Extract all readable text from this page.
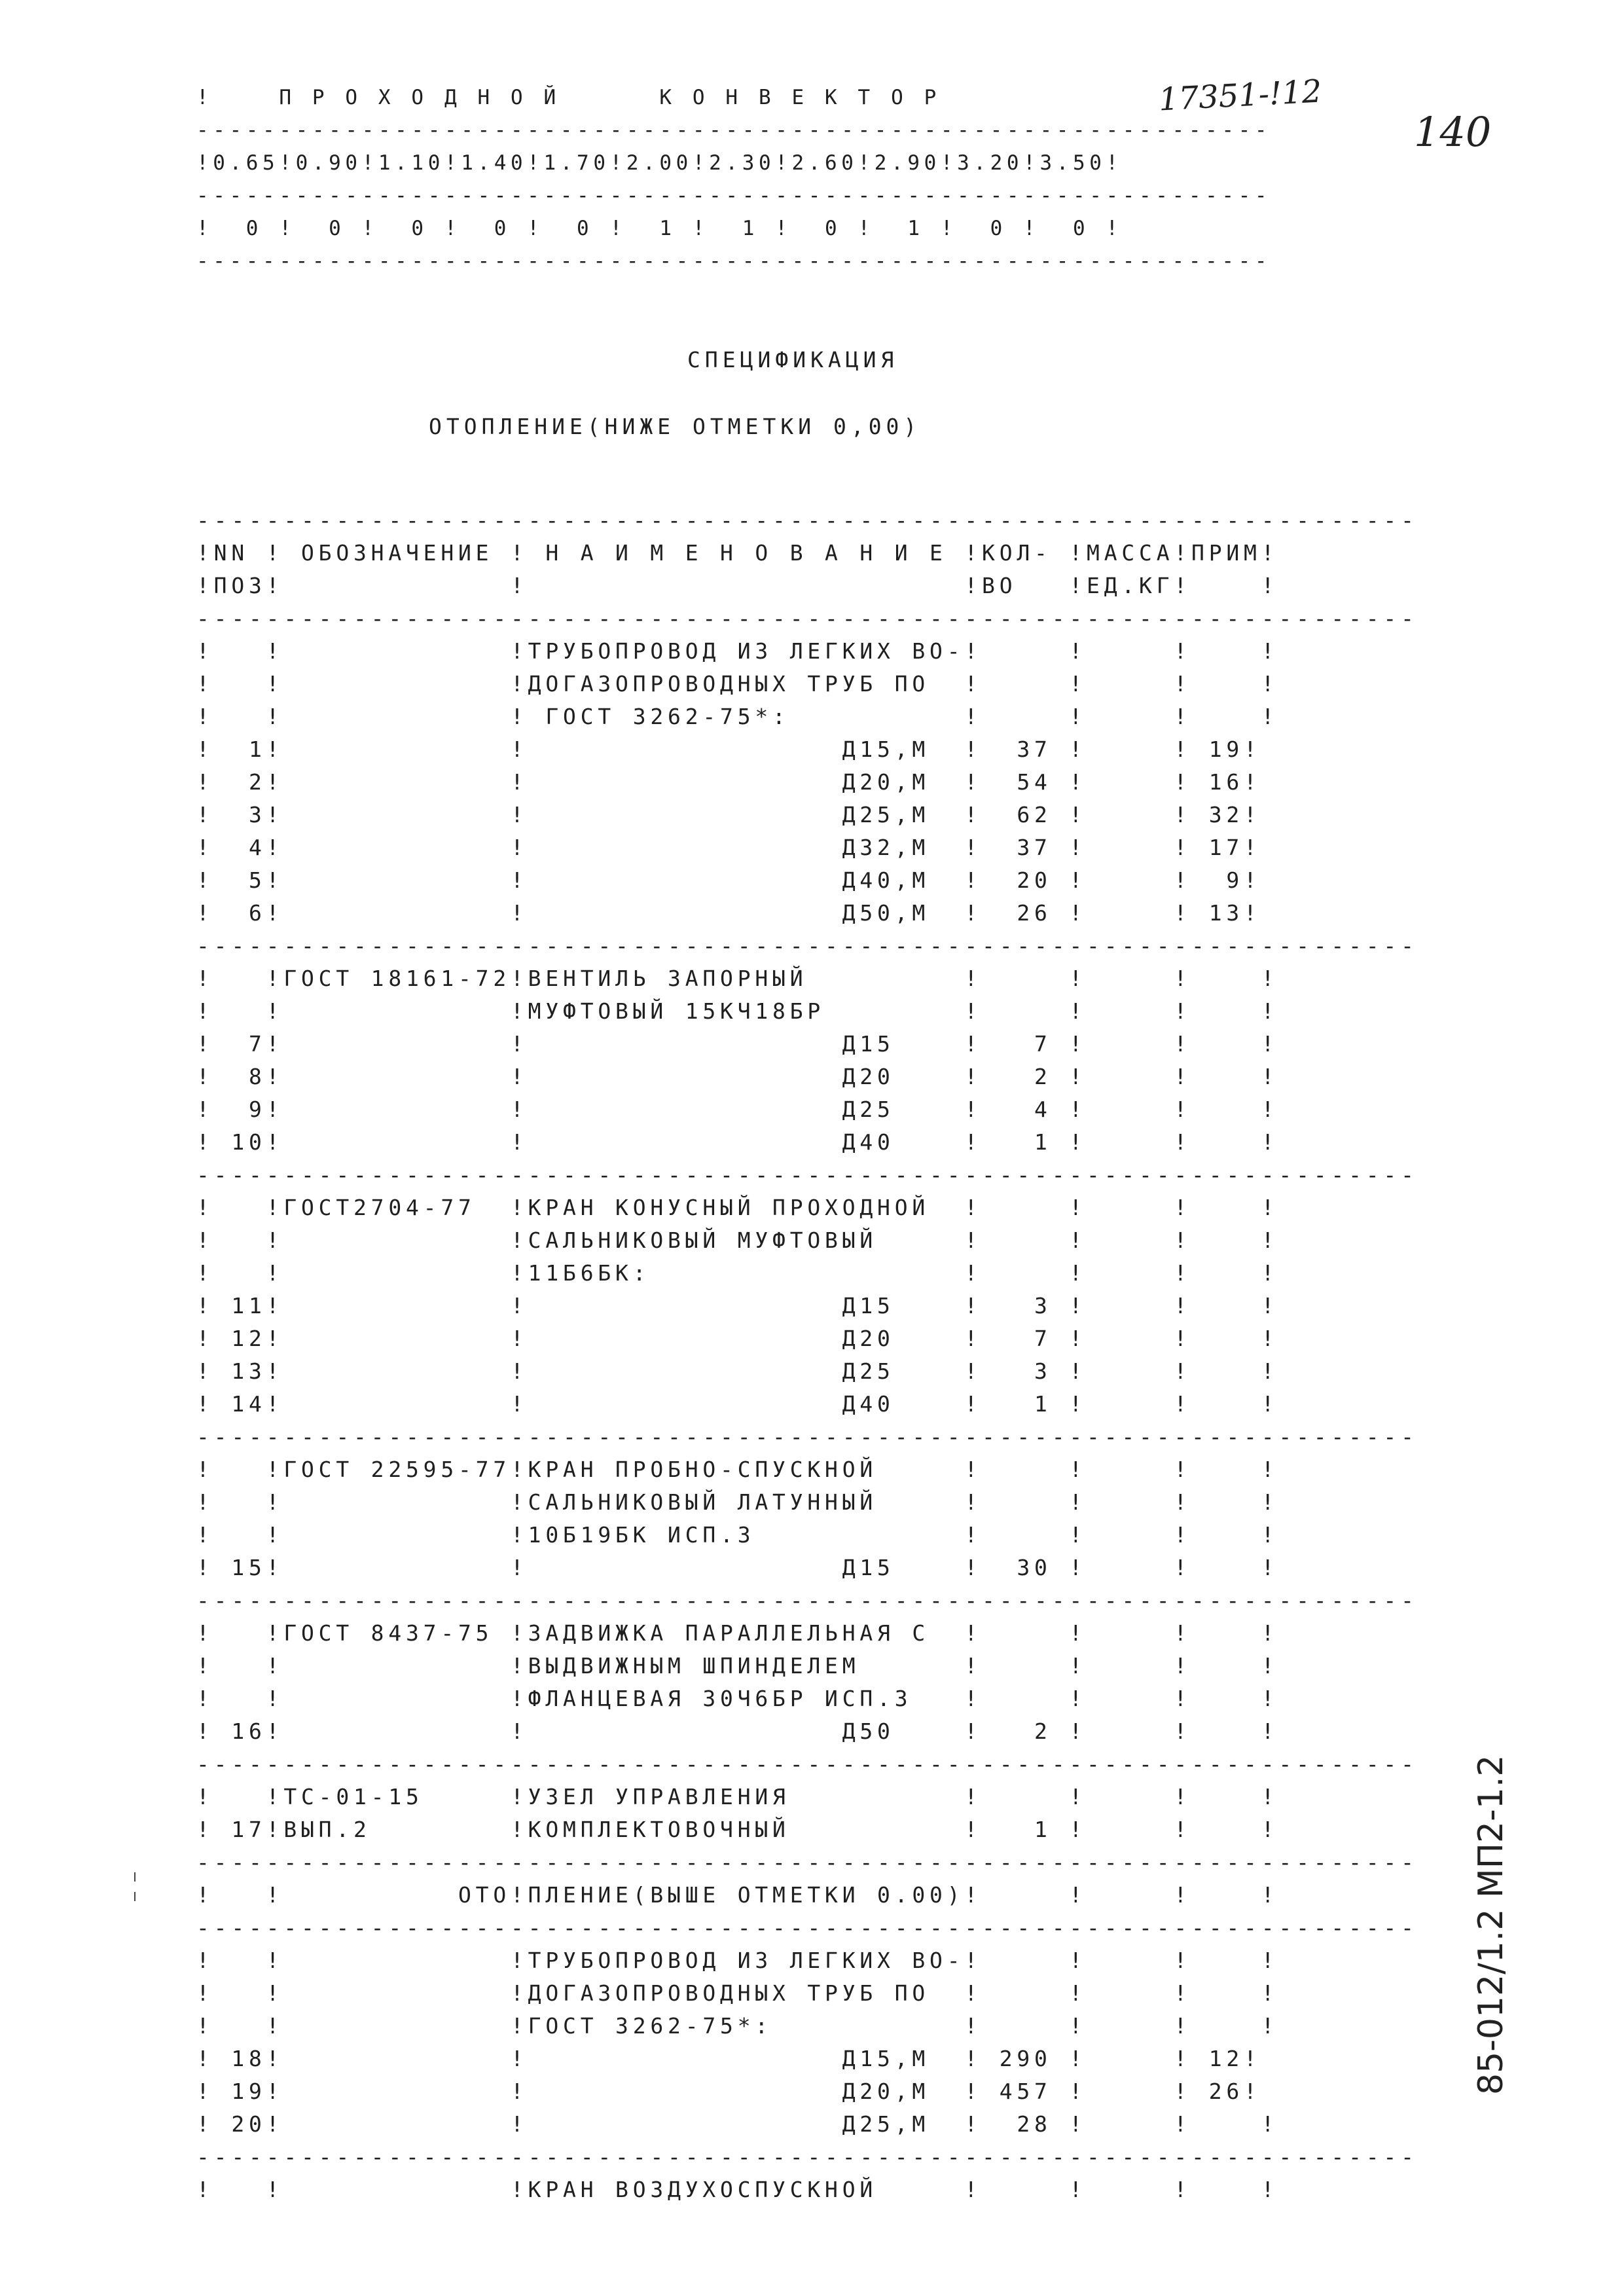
!    П Р О Х О Д Н О Й      К О Н В Е К Т О Р
-----------------------------------------------------------------
!0.65!0.90!1.10!1.40!1.70!2.00!2.30!2.60!2.90!3.20!3.50!
-----------------------------------------------------------------
!  0 !  0 !  0 !  0 !  0 !  1 !  1 !  0 !  1 !  0 !  0 !
-----------------------------------------------------------------
17351-!12
140
СПЕЦИФИКАЦИЯ
ОТОПЛЕНИЕ(НИЖЕ ОТМЕТКИ 0,00)
----------------------------------------------------------------------
!NN ! ОБОЗНАЧЕНИЕ ! Н А И М Е Н О В А Н И Е !КОЛ- !МАССА!ПРИМ!
!ПОЗ!             !                         !ВО   !ЕД.КГ!    !
----------------------------------------------------------------------
!   !             !ТРУБОПРОВОД ИЗ ЛЕГКИХ ВО-!     !     !    !
!   !             !ДОГАЗОПРОВОДНЫХ ТРУБ ПО  !     !     !    !
!   !             ! ГОСТ 3262-75*:          !     !     !    !
!  1!             !                  Д15,М  !  37 !     ! 19!
!  2!             !                  Д20,М  !  54 !     ! 16!
!  3!             !                  Д25,М  !  62 !     ! 32!
!  4!             !                  Д32,М  !  37 !     ! 17!
!  5!             !                  Д40,М  !  20 !     !  9!
!  6!             !                  Д50,М  !  26 !     ! 13!
----------------------------------------------------------------------
!   !ГОСТ 18161-72!ВЕНТИЛЬ ЗАПОРНЫЙ         !     !     !    !
!   !             !МУФТОВЫЙ 15КЧ18БР        !     !     !    !
!  7!             !                  Д15    !   7 !     !    !
!  8!             !                  Д20    !   2 !     !    !
!  9!             !                  Д25    !   4 !     !    !
! 10!             !                  Д40    !   1 !     !    !
----------------------------------------------------------------------
!   !ГОСТ2704-77  !КРАН КОНУСНЫЙ ПРОХОДНОЙ  !     !     !    !
!   !             !САЛЬНИКОВЫЙ МУФТОВЫЙ     !     !     !    !
!   !             !11Б6БК:                  !     !     !    !
! 11!             !                  Д15    !   3 !     !    !
! 12!             !                  Д20    !   7 !     !    !
! 13!             !                  Д25    !   3 !     !    !
! 14!             !                  Д40    !   1 !     !    !
----------------------------------------------------------------------
!   !ГОСТ 22595-77!КРАН ПРОБНО-СПУСКНОЙ     !     !     !    !
!   !             !САЛЬНИКОВЫЙ ЛАТУННЫЙ     !     !     !    !
!   !             !10Б19БК ИСП.3            !     !     !    !
! 15!             !                  Д15    !  30 !     !    !
----------------------------------------------------------------------
!   !ГОСТ 8437-75 !ЗАДВИЖКА ПАРАЛЛЕЛЬНАЯ С  !     !     !    !
!   !             !ВЫДВИЖНЫМ ШПИНДЕЛЕМ      !     !     !    !
!   !             !ФЛАНЦЕВАЯ 30Ч6БР ИСП.3   !     !     !    !
! 16!             !                  Д50    !   2 !     !    !
----------------------------------------------------------------------
!   !ТС-01-15     !УЗЕЛ УПРАВЛЕНИЯ          !     !     !    !
! 17!ВЫП.2        !КОМПЛЕКТОВОЧНЫЙ          !   1 !     !    !
----------------------------------------------------------------------
!   !          ОТО!ПЛЕНИЕ(ВЫШЕ ОТМЕТКИ 0.00)!     !     !    !
----------------------------------------------------------------------
!   !             !ТРУБОПРОВОД ИЗ ЛЕГКИХ ВО-!     !     !    !
!   !             !ДОГАЗОПРОВОДНЫХ ТРУБ ПО  !     !     !    !
!   !             !ГОСТ 3262-75*:           !     !     !    !
! 18!             !                  Д15,М  ! 290 !     ! 12!
! 19!             !                  Д20,М  ! 457 !     ! 26!
! 20!             !                  Д25,М  !  28 !     !    !
----------------------------------------------------------------------
!   !             !КРАН ВОЗДУХОСПУСКНОЙ     !     !     !    !
85-012/1.2 МП2-1.2
